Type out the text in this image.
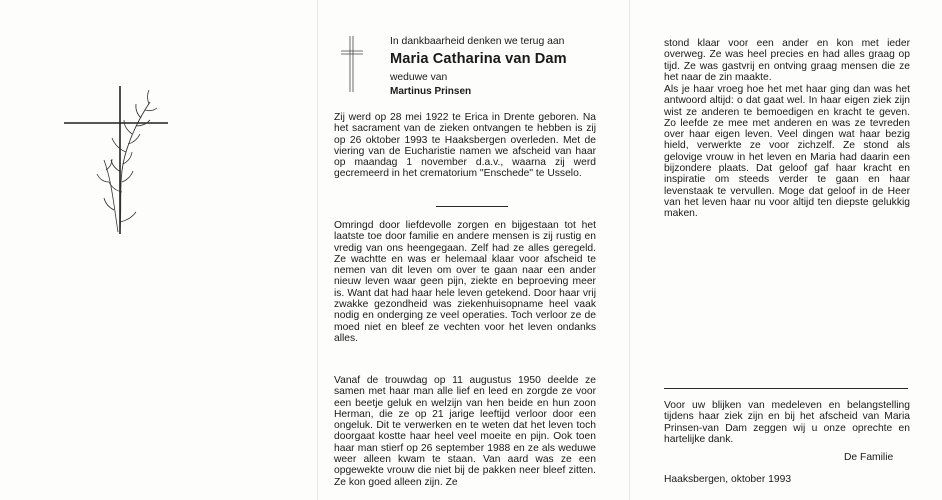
In dankbaarheid denken we terug aan
Maria Catharina van Dam
weduwe van
Martinus Prinsen

Zij werd op 28 mei 1922 te Erica in Drente geboren. Na het sacrament van de zieken ontvangen te hebben is zij op 26 oktober 1993 te Haaksbergen overleden. Met de viering van de Eucharistie namen we afscheid van haar op maandag 1 november d.a.v., waarna zij werd gecremeerd in het crematorium "Enschede" te Usselo.

Omringd door liefdevolle zorgen en bijgestaan tot het laatste toe door familie en andere mensen is zij rustig en vredig van ons heengegaan. Zelf had ze alles geregeld. Ze wachtte en was er helemaal klaar voor afscheid te nemen van dit leven om over te gaan naar een ander nieuw leven waar geen pijn, ziekte en beproeving meer is. Want dat had haar hele leven getekend. Door haar vrij zwakke gezondheid was ziekenhuisopname heel vaak nodig en onderging ze veel operaties. Toch verloor ze de moed niet en bleef ze vechten voor het leven ondanks alles.

Vanaf de trouwdag op 11 augustus 1950 deelde ze samen met haar man alle lief en leed en zorgde ze voor een beetje geluk en welzijn van hen beide en hun zoon Herman, die ze op 21 jarige leeftijd verloor door een ongeluk. Dit te verwerken en te weten dat het leven toch doorgaat kostte haar heel veel moeite en pijn. Ook toen haar man stierf op 26 september 1988 en ze als weduwe weer alleen kwam te staan. Van aard was ze een opgewekte vrouw die niet bij de pakken neer bleef zitten. Ze kon goed alleen zijn. Ze

stond klaar voor een ander en kon met ieder overweg. Ze was heel precies en had alles graag op tijd. Ze was gastvrij en ontving graag mensen die ze het naar de zin maakte.

Als je haar vroeg hoe het met haar ging dan was het antwoord altijd: o dat gaat wel. In haar eigen ziek zijn wist ze anderen te bemoedigen en kracht te geven. Zo leefde ze mee met anderen en was ze tevreden over haar eigen leven. Veel dingen wat haar bezig hield, verwerkte ze voor zichzelf. Ze stond als gelovige vrouw in het leven en Maria had daarin een bijzondere plaats. Dat geloof gaf haar kracht en inspiratie om steeds verder te gaan en haar levenstaak te vervullen. Moge dat geloof in de Heer van het leven haar nu voor altijd ten diepste gelukkig maken.

Voor uw blijken van medeleven en belangstelling tijdens haar ziek zijn en bij het afscheid van Maria Prinsen-van Dam zeggen wij u onze oprechte en hartelijke dank.

De Familie
Haaksbergen, oktober 1993
